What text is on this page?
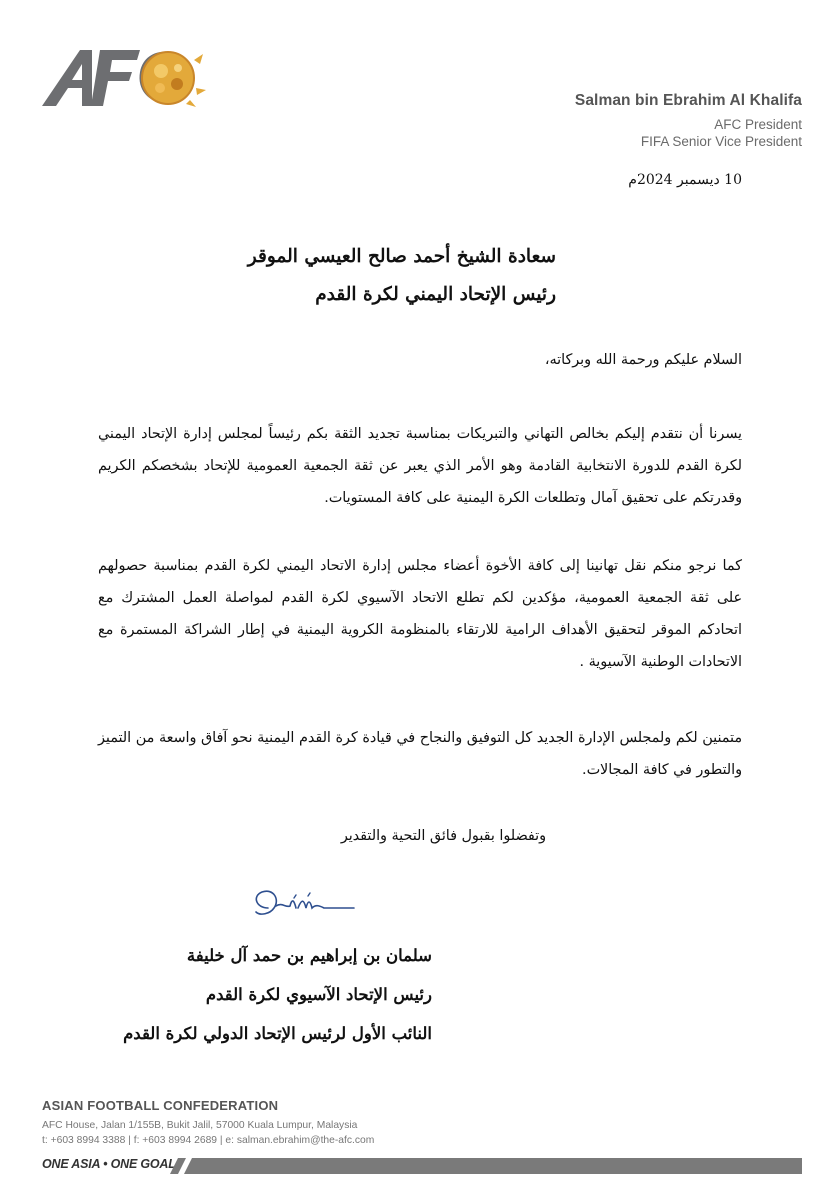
Salman bin Ebrahim Al Khalifa
AFC President
FIFA Senior Vice President
10 ديسمبر 2024م
سعادة الشيخ أحمد صالح العيسي الموقر
رئيس الإتحاد اليمني لكرة القدم
السلام عليكم ورحمة الله وبركاته،
يسرنا أن نتقدم إليكم بخالص التهاني والتبريكات بمناسبة تجديد الثقة بكم رئيساً لمجلس إدارة الإتحاد اليمني لكرة القدم للدورة الانتخابية القادمة وهو الأمر الذي يعبر عن ثقة الجمعية العمومية للإتحاد بشخصكم الكريم وقدرتكم على تحقيق آمال وتطلعات الكرة اليمنية على كافة المستويات.
كما نرجو منكم نقل تهانينا إلى كافة الأخوة أعضاء مجلس إدارة الاتحاد اليمني لكرة القدم بمناسبة حصولهم على ثقة الجمعية العمومية، مؤكدين لكم تطلع الاتحاد الآسيوي لكرة القدم لمواصلة العمل المشترك مع اتحادكم الموقر لتحقيق الأهداف الرامية للارتقاء بالمنظومة الكروية اليمنية في إطار الشراكة المستمرة مع الاتحادات الوطنية الآسيوية .
متمنين لكم ولمجلس الإدارة الجديد كل التوفيق والنجاح في قيادة كرة القدم اليمنية نحو آفاق واسعة من التميز والتطور في كافة المجالات.
وتفضلوا بقبول فائق التحية والتقدير
سلمان بن إبراهيم بن حمد آل خليفة
رئيس الإتحاد الآسيوي لكرة القدم
النائب الأول لرئيس الإتحاد الدولي لكرة القدم
ASIAN FOOTBALL CONFEDERATION
AFC House, Jalan 1/155B, Bukit Jalil, 57000 Kuala Lumpur, Malaysia
t: +603 8994 3388 | f: +603 8994 2689 | e: salman.ebrahim@the-afc.com
ONE ASIA • ONE GOAL
